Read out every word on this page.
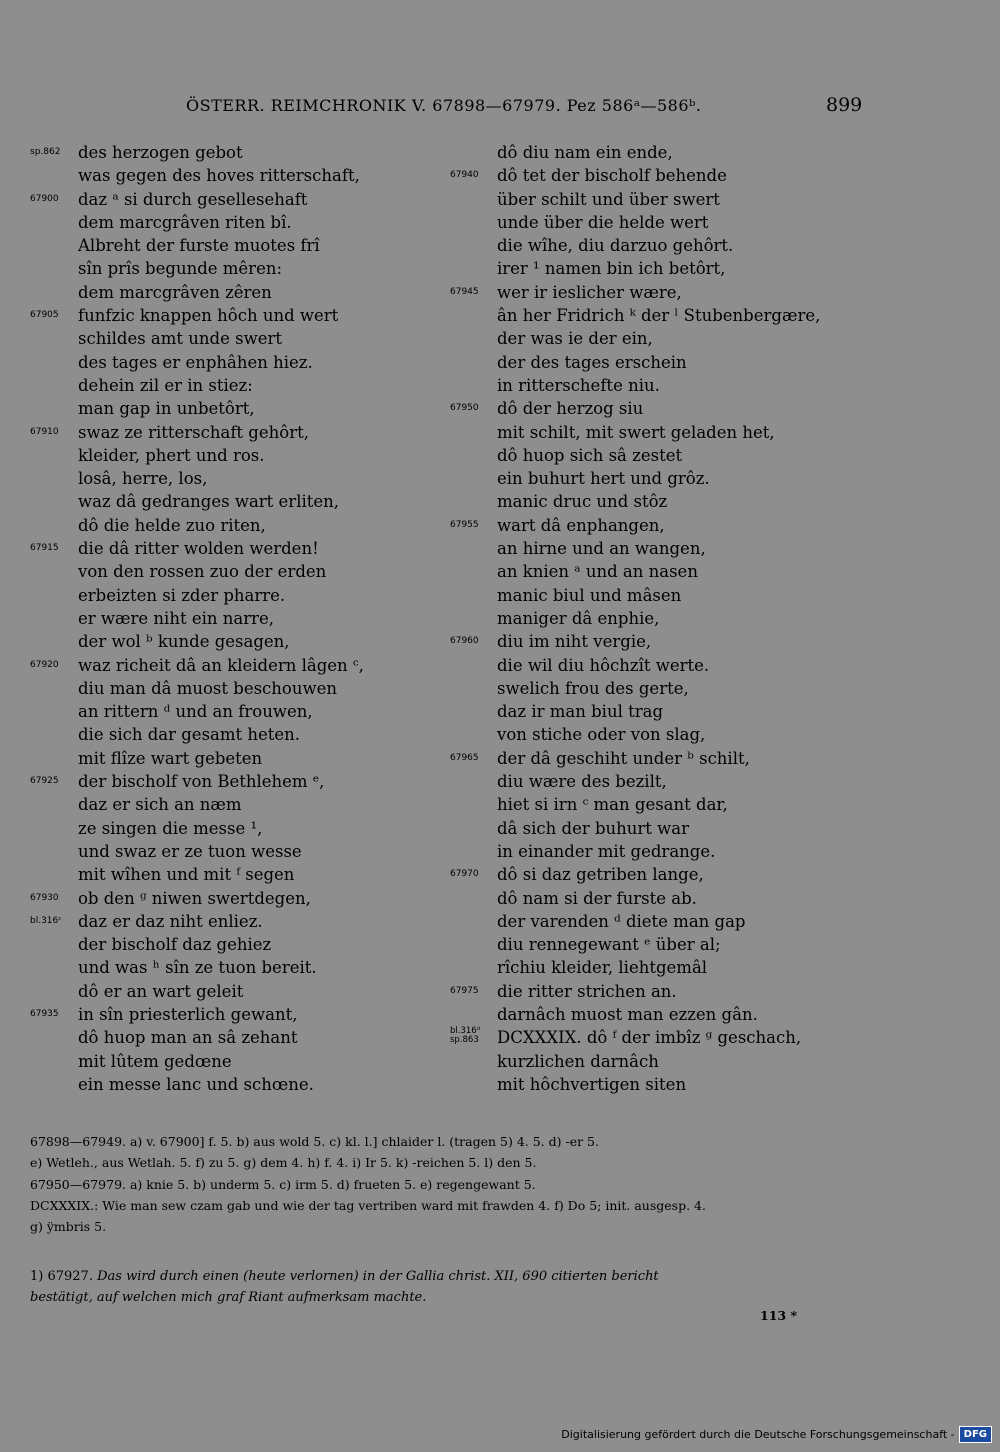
ÖSTERR. REIMCHRONIK V. 67898—67979. Pez 586ᵃ—586ᵇ.	899
sp.862	des herzogen gebot
was gegen des hoves ritterschaft,
67900	daz ᵃ si durch gesellesehaft
dem marcgrâven riten bî.
Albreht der furste muotes frî
sîn prîs begunde mêren:
dem marcgrâven zêren
67905	funfzic knappen hôch und wert
schildes amt unde swert
des tages er enphâhen hiez.
dehein zil er in stiez:
man gap in unbetôrt,
67910	swaz ze ritterschaft gehôrt,
kleider, phert und ros.
losâ, herre, los,
waz dâ gedranges wart erliten,
dô die helde zuo riten,
67915	die dâ ritter wolden werden!
von den rossen zuo der erden
erbeizten si zder pharre.
er wære niht ein narre,
der wol ᵇ kunde gesagen,
67920	waz richeit dâ an kleidern lâgen ᶜ,
diu man dâ muost beschouwen
an rittern ᵈ und an frouwen,
die sich dar gesamt heten.
mit flîze wart gebeten
67925	der bischolf von Bethlehem ᵉ,
daz er sich an næm
ze singen die messe ¹,
und swaz er ze tuon wesse
mit wîhen und mit ᶠ segen
67930	ob den ᵍ niwen swertdegen,
bl.316ᶜ daz er daz niht enliez.
der bischolf daz gehiez
und was ʰ sîn ze tuon bereit.
dô er an wart geleit
67935	in sîn priesterlich gewant,
dô huop man an sâ zehant
mit lûtem gedœne
ein messe lanc und schœne.
dô diu nam ein ende,
67940	dô tet der bischolf behende
über schilt und über swert
unde über die helde wert
die wîhe, diu darzuo gehôrt.
irer ¹ namen bin ich betôrt,
67945	wer ir ieslicher wære,
ân her Fridrich ᵏ der ˡ Stubenbergære,
der was ie der ein,
der des tages erschein
in ritterschefte niu.
67950	dô der herzog siu
mit schilt, mit swert geladen het,
dô huop sich sâ zestet
ein buhurt hert und grôz.
manic druc und stôz
67955	wart dâ enphangen,
an hirne und an wangen,
an knien ᵃ und an nasen
manic biul und mâsen
maniger dâ enphie,
67960	diu im niht vergie,
die wil diu hôchzît werte.
swelich frou des gerte,
daz ir man biul trag
von stiche oder von slag,
67965	der dâ geschiht under ᵇ schilt,
diu wære des bezilt,
hiet si irn ᶜ man gesant dar,
dâ sich der buhurt war
in einander mit gedrange.
67970	dô si daz getriben lange,
dô nam si der furste ab.
der varenden ᵈ diete man gap
diu rennegewant ᵉ über al;
rîchiu kleider, liehtgemâl
67975	die ritter strichen an.
darnâch muost man ezzen gân.
bl.316ᵈ
sp.863	DCXXXIX. dô ᶠ der imbîz ᵍ geschach,
kurzlichen darnâch
mit hôchvertigen siten
67898—67949. a) v. 67900] f. 5. b) aus wold 5. c) kl. l.] chlaider l. (tragen 5) 4. 5. d) -er 5.
e) Wetleh., aus Wetlah. 5. f) zu 5. g) dem 4. h) f. 4. i) Ir 5. k) -reichen 5. l) den 5.
67950—67979. a) knie 5. b) underm 5. c) irm 5. d) frueten 5. e) regengewant 5.
DCXXXIX.: Wie man sew czam gab und wie der tag vertriben ward mit frawden 4. f) Do 5; init. ausgesp. 4.
g) ÿmbris 5.
1) 67927. Das wird durch einen (heute verlornen) in der Gallia christ. XII, 690 citierten bericht
bestätigt, auf welchen mich graf Riant aufmerksam machte.
113 *
Digitalisierung gefördert durch die Deutsche Forschungsgemeinschaft - DFG
